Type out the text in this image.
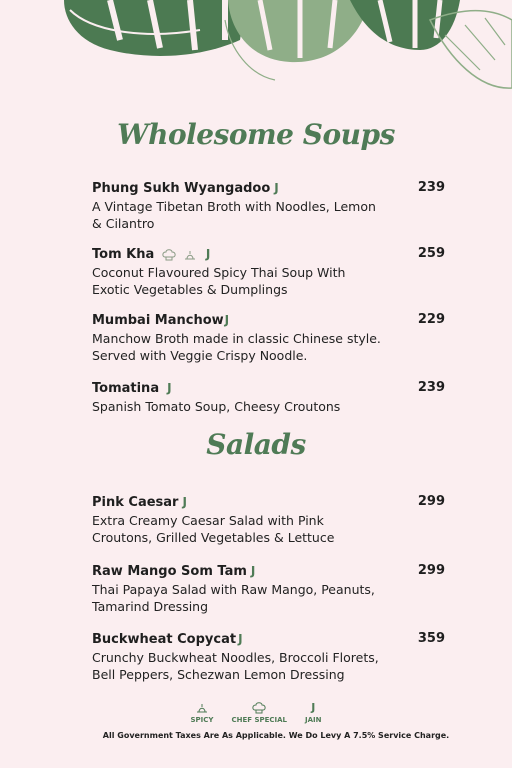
Wholesome Soups
Phung Sukh Wyangadoo J
A Vintage Tibetan Broth with Noodles, Lemon & Cilantro
239
Tom Kha	J
Coconut Flavoured Spicy Thai Soup With Exotic Vegetables & Dumplings
259
Mumbai ManchowJ
Manchow Broth made in classic Chinese style. Served with Veggie Crispy Noodle.
229
Tomatina J
Spanish Tomato Soup, Cheesy Croutons
239
Salads
Pink Caesar J
Extra Creamy Caesar Salad with Pink Croutons, Grilled Vegetables & Lettuce
299
Raw Mango Som Tam J
Thai Papaya Salad with Raw Mango, Peanuts, Tamarind Dressing
299
Buckwheat Copycat J
Crunchy Buckwheat Noodles, Broccoli Florets, Bell Peppers, Schezwan Lemon Dressing
359
SPICY	CHEF SPECIAL
J
JAIN
All Government Taxes Are As Applicable. We Do Levy A 7.5% Service Charge.
